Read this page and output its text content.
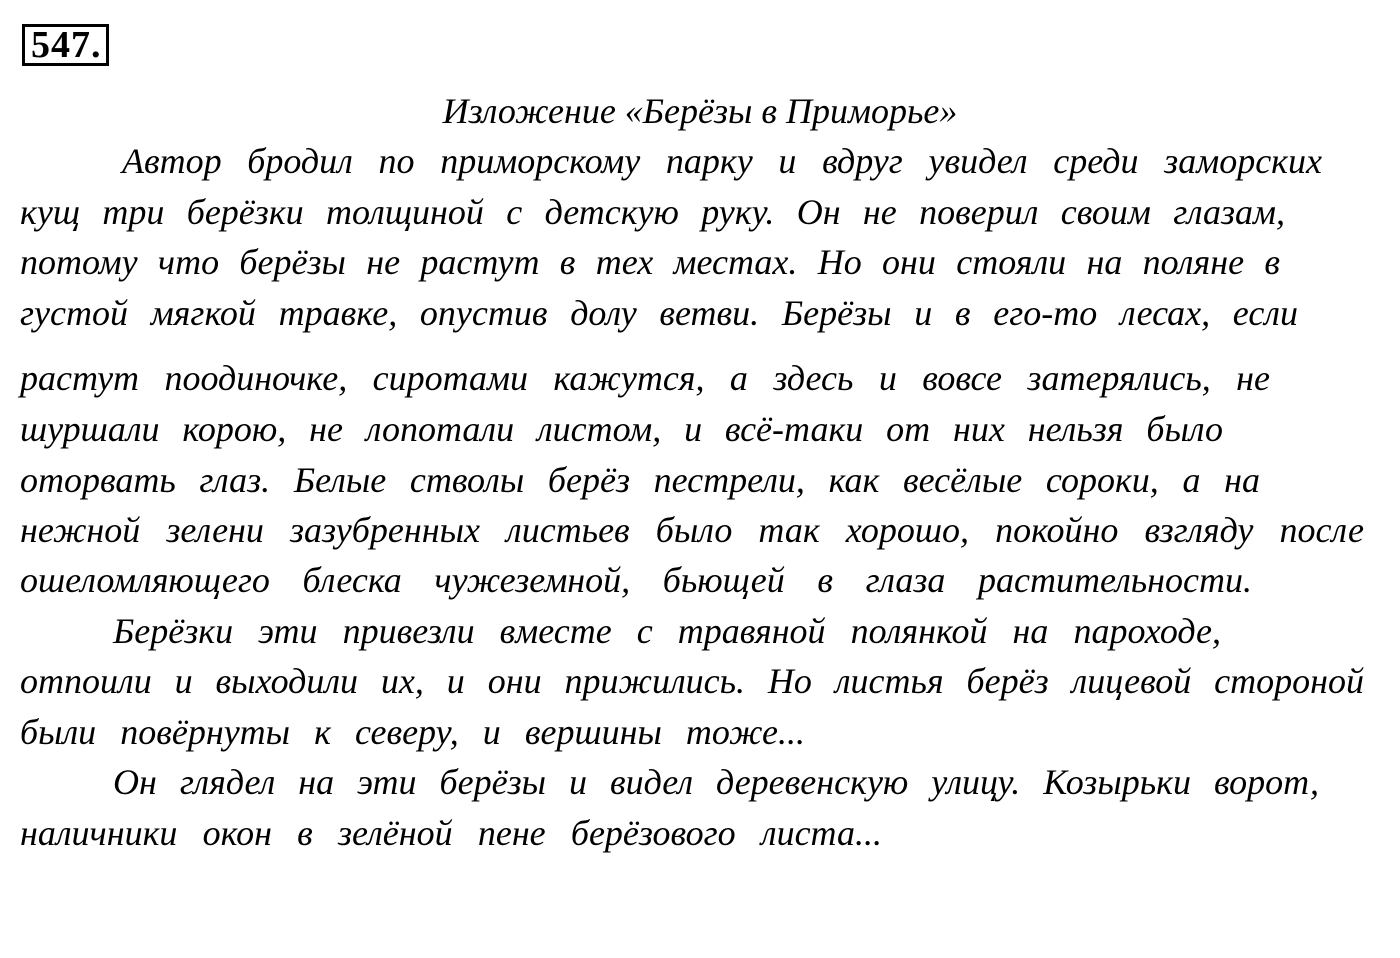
547.
Изложение «Берёзы в Приморье»
Автор бродил по приморскому парку и вдруг увидел среди заморских
кущ три берёзки толщиной с детскую руку. Он не поверил своим глазам,
потому что берёзы не растут в тех местах. Но они стояли на поляне в
густой мягкой травке, опустив долу ветви. Берёзы и в его-то лесах, если
растут поодиночке, сиротами кажутся, а здесь и вовсе затерялись, не
шуршали корою, не лопотали листом, и всё-таки от них нельзя было
оторвать глаз. Белые стволы берёз пестрели, как весёлые сороки, а на
нежной зелени зазубренных листьев было так хорошо, покойно взгляду после
ошеломляющего блеска чужеземной, бьющей в глаза растительности.
Берёзки эти привезли вместе с травяной полянкой на пароходе,
отпоили и выходили их, и они прижились. Но листья берёз лицевой стороной
были повёрнуты к северу, и вершины тоже...
Он глядел на эти берёзы и видел деревенскую улицу. Козырьки ворот,
наличники окон в зелёной пене берёзового листа...
